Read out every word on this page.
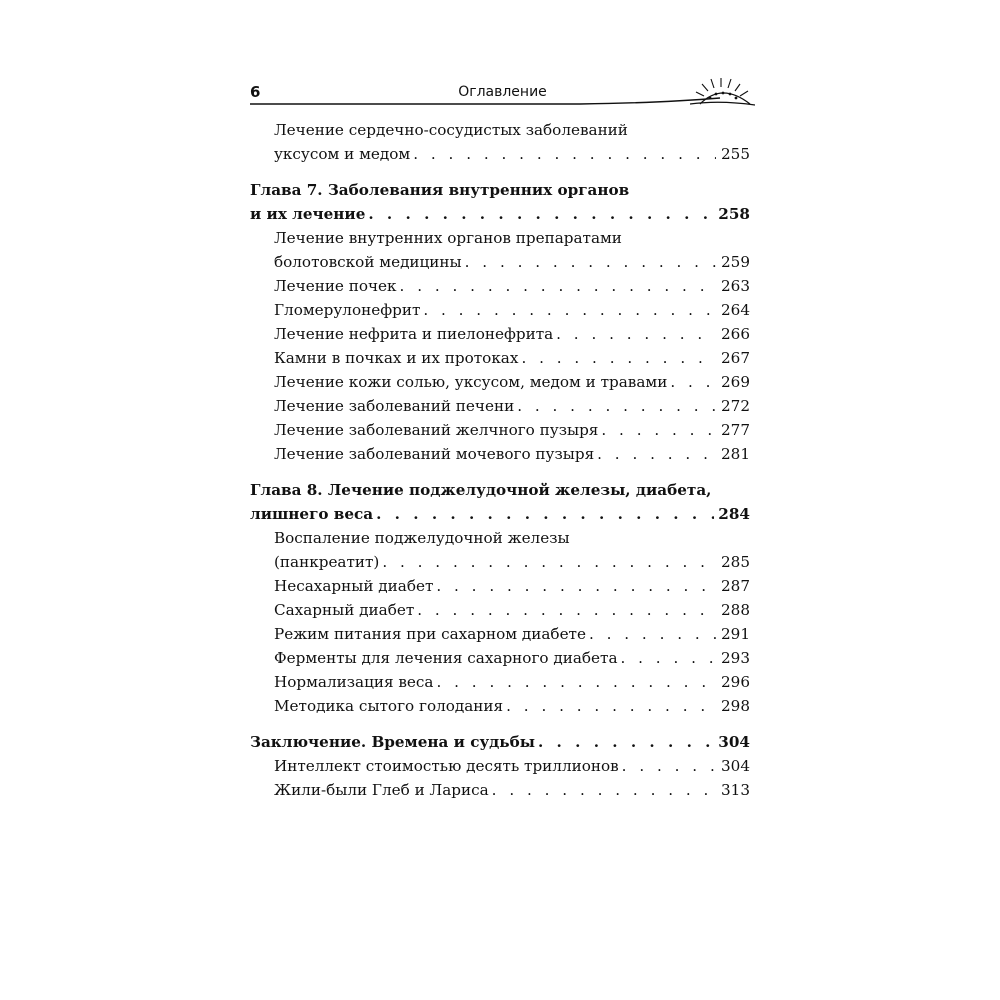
6	Оглавление
Лечение сердечно-сосудистых заболеваний
уксусом и медом . . .	255
Глава 7. Заболевания внутренних органов
и их лечение . . .	258
Лечение внутренних органов препаратами
болотовской медицины . . .	259
Лечение почек . . .	263
Гломерулонефрит . . .	264
Лечение нефрита и пиелонефрита . . .	266
Камни в почках и их протоках . . .	267
Лечение кожи солью, уксусом, медом и травами . . .	269
Лечение заболеваний печени . . .	272
Лечение заболеваний желчного пузыря . . .	277
Лечение заболеваний мочевого пузыря . . .	281
Глава 8. Лечение поджелудочной железы, диабета,
лишнего веса . . .	284
Воспаление поджелудочной железы
(панкреатит) . . .	285
Несахарный диабет . . .	287
Сахарный диабет . . .	288
Режим питания при сахарном диабете . . .	291
Ферменты для лечения сахарного диабета . . .	293
Нормализация веса . . .	296
Методика сытого голодания . . .	298
Заключение. Времена и судьбы . . .	304
Интеллект стоимостью десять триллионов . . .	304
Жили-были Глеб и Лариса . . .	313
